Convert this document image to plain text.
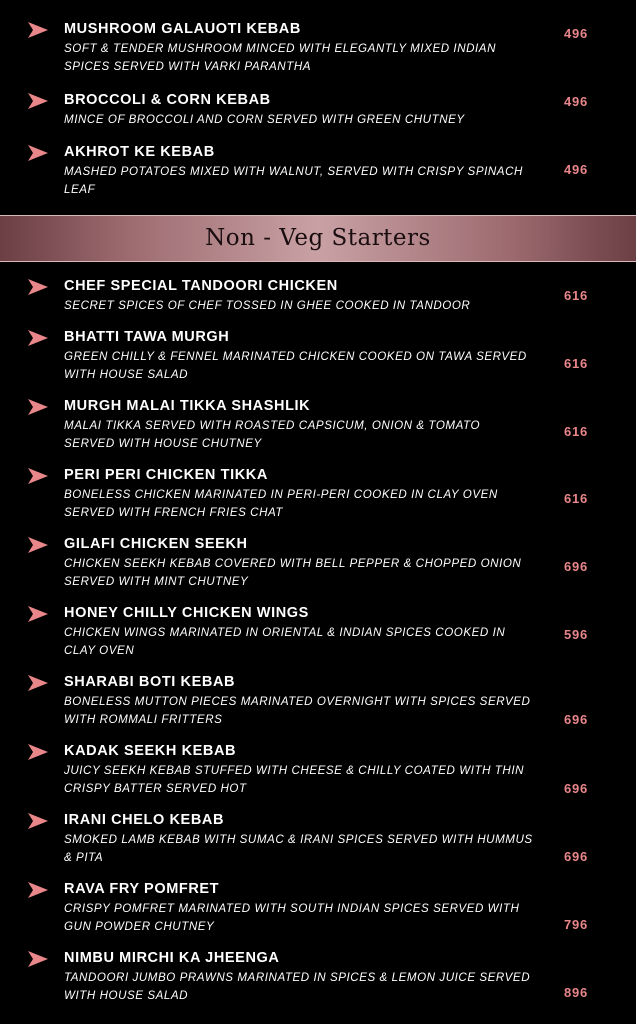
MUSHROOM GALAUOTI KEBAB
SOFT & TENDER MUSHROOM MINCED WITH ELEGANTLY MIXED INDIAN SPICES SERVED WITH VARKI PARANTHA
496
BROCCOLI & CORN KEBAB
MINCE OF BROCCOLI AND CORN SERVED WITH GREEN CHUTNEY
496
AKHROT KE KEBAB
MASHED POTATOES MIXED WITH WALNUT, SERVED WITH CRISPY SPINACH LEAF
496
Non - Veg Starters
CHEF SPECIAL TANDOORI CHICKEN
SECRET SPICES OF CHEF TOSSED IN GHEE COOKED IN TANDOOR
616
BHATTI TAWA MURGH
GREEN CHILLY & FENNEL MARINATED CHICKEN COOKED ON TAWA SERVED WITH HOUSE SALAD
616
MURGH MALAI TIKKA SHASHLIK
MALAI TIKKA SERVED WITH ROASTED CAPSICUM, ONION & TOMATO SERVED WITH HOUSE CHUTNEY
616
PERI PERI CHICKEN TIKKA
BONELESS CHICKEN MARINATED IN PERI-PERI COOKED IN CLAY OVEN SERVED WITH FRENCH FRIES CHAT
616
GILAFI CHICKEN SEEKH
CHICKEN SEEKH KEBAB COVERED WITH BELL PEPPER & CHOPPED ONION SERVED WITH MINT CHUTNEY
696
HONEY CHILLY CHICKEN WINGS
CHICKEN WINGS MARINATED IN ORIENTAL & INDIAN SPICES COOKED IN CLAY OVEN
596
SHARABI BOTI KEBAB
BONELESS MUTTON PIECES MARINATED OVERNIGHT WITH SPICES SERVED WITH ROMMALI FRITTERS	696
KADAK SEEKH KEBAB
JUICY SEEKH KEBAB STUFFED WITH CHEESE & CHILLY COATED WITH THIN CRISPY BATTER SERVED HOT	696
IRANI CHELO KEBAB
SMOKED LAMB KEBAB WITH SUMAC & IRANI SPICES SERVED WITH HUMMUS & PITA	696
RAVA FRY POMFRET
CRISPY POMFRET MARINATED WITH SOUTH INDIAN SPICES SERVED WITH GUN POWDER CHUTNEY	796
NIMBU MIRCHI KA JHEENGA
TANDOORI JUMBO PRAWNS MARINATED IN SPICES & LEMON JUICE SERVED WITH HOUSE SALAD	896
